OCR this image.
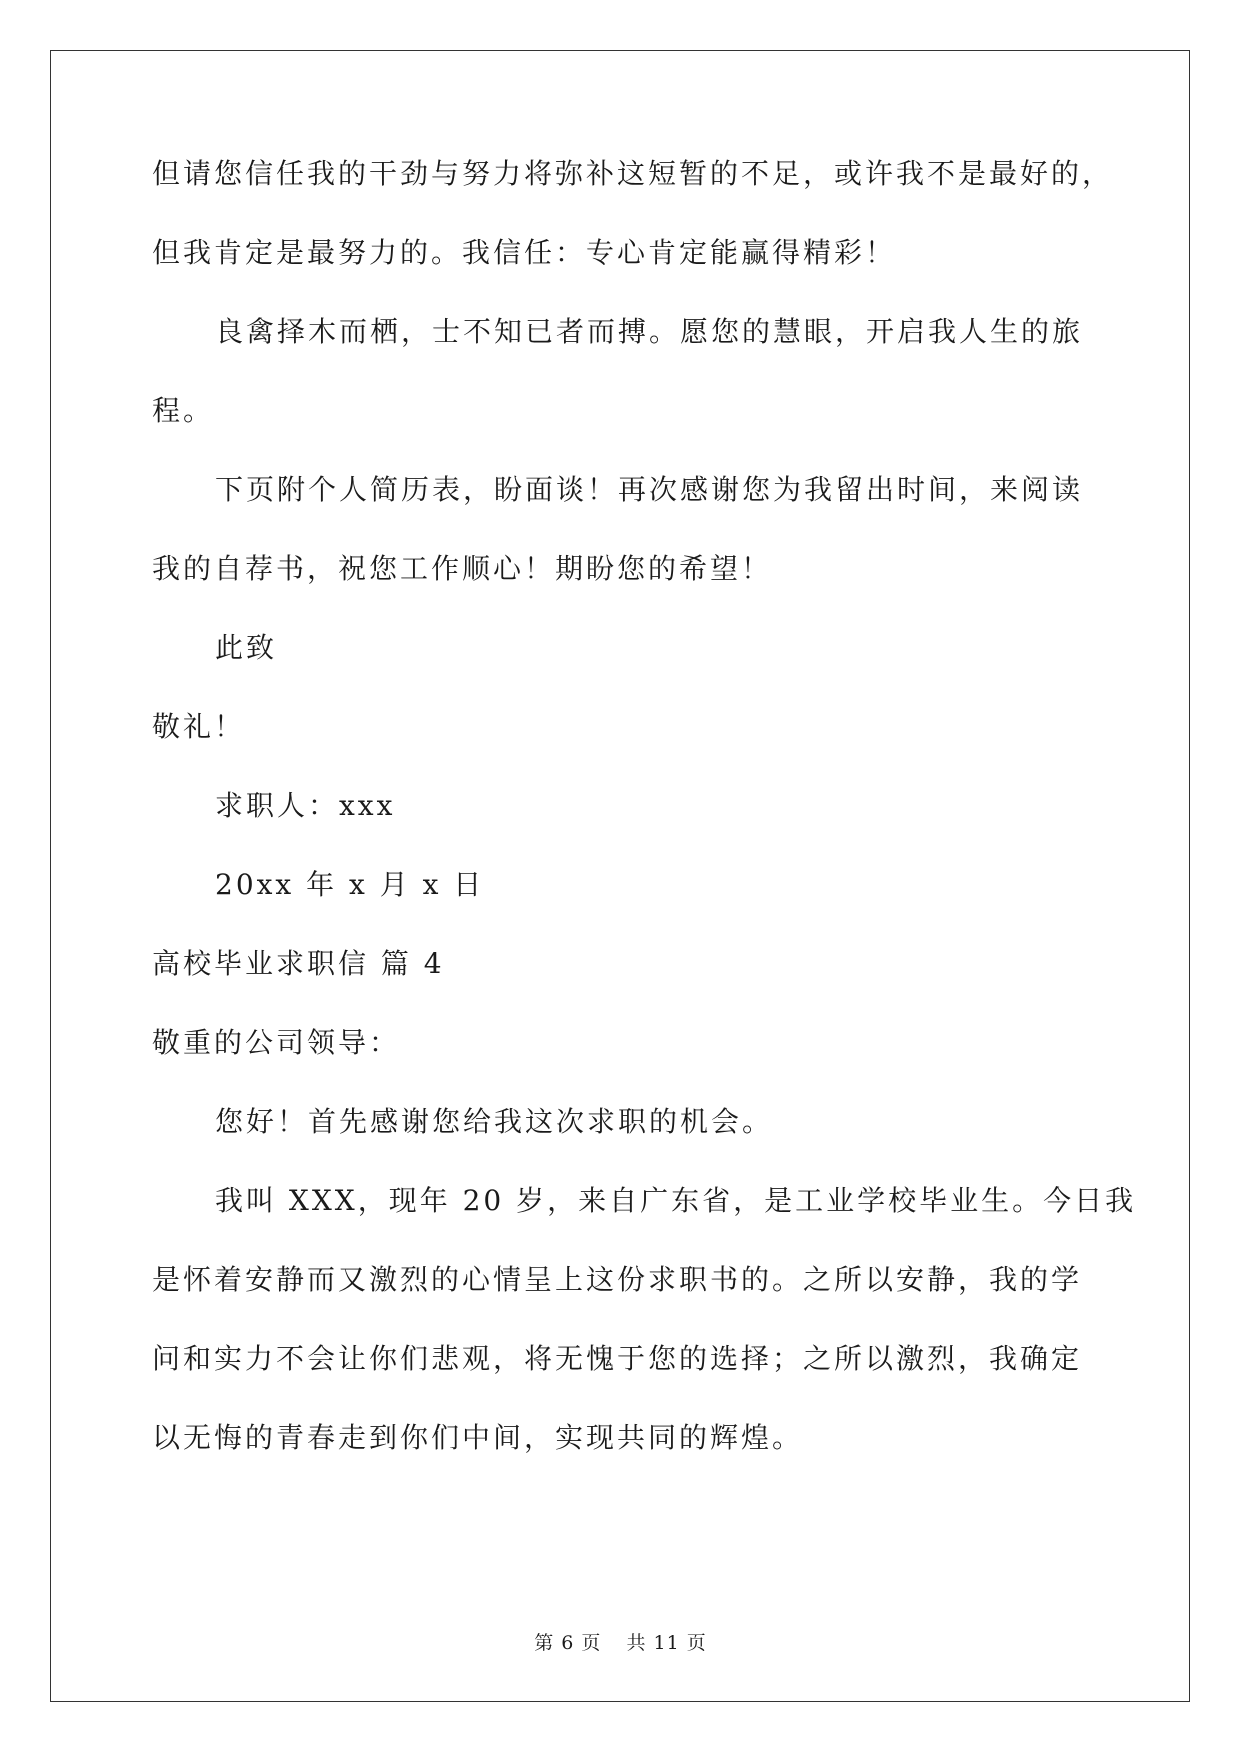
但请您信任我的干劲与努力将弥补这短暂的不足，或许我不是最好的，

但我肯定是最努力的。我信任：专心肯定能赢得精彩！

良禽择木而栖，士不知已者而搏。愿您的慧眼，开启我人生的旅

程。

下页附个人简历表，盼面谈！再次感谢您为我留出时间，来阅读

我的自荐书，祝您工作顺心！期盼您的希望！

此致

敬礼！

求职人：xxx

20xx 年 x 月 x 日

高校毕业求职信 篇 4

敬重的公司领导：

您好！首先感谢您给我这次求职的机会。

我叫 XXX，现年 20 岁，来自广东省，是工业学校毕业生。今日我

是怀着安静而又激烈的心情呈上这份求职书的。之所以安静，我的学

问和实力不会让你们悲观，将无愧于您的选择；之所以激烈，我确定

以无悔的青春走到你们中间，实现共同的辉煌。

第 6 页 共 11 页
